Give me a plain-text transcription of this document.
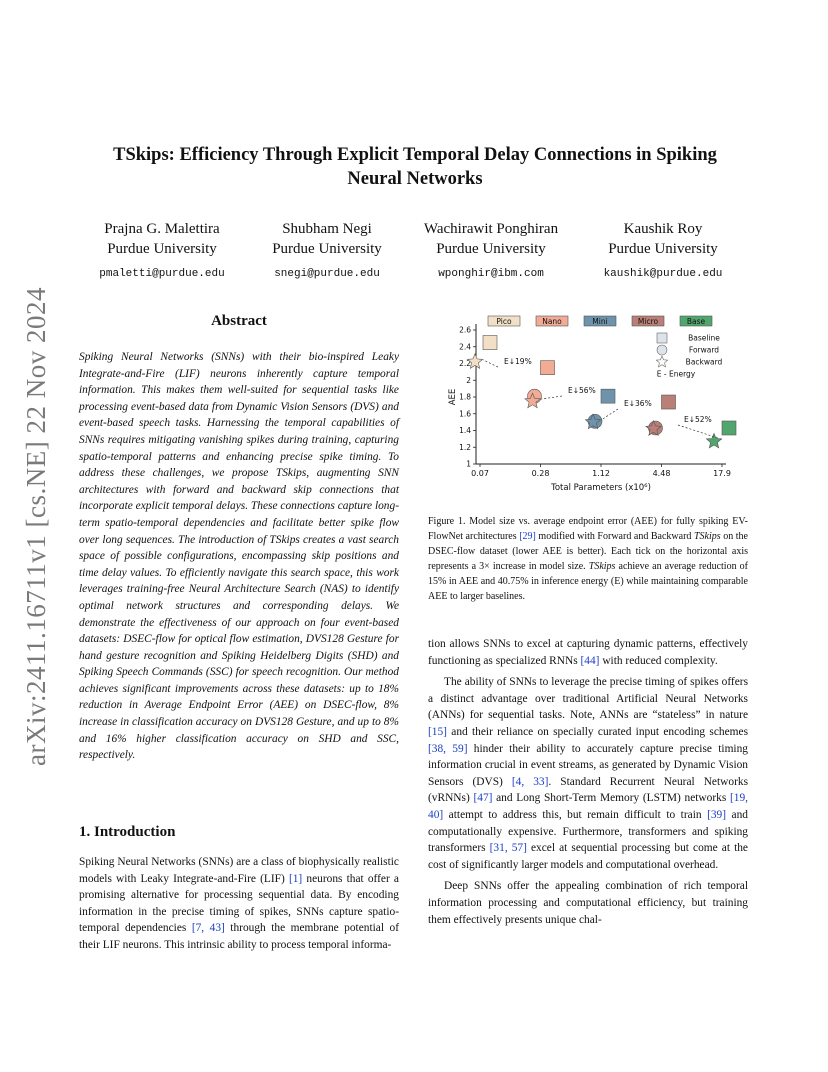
arXiv:2411.16711v1 [cs.NE] 22 Nov 2024
TSkips: Efficiency Through Explicit Temporal Delay Connections in Spiking
Neural Networks
Prajna G. Malettira
Purdue University
pmaletti@purdue.edu
Shubham Negi
Purdue University
snegi@purdue.edu
Wachirawit Ponghiran
Purdue University
wponghir@ibm.com
Kaushik Roy
Purdue University
kaushik@purdue.edu
Abstract
Spiking Neural Networks (SNNs) with their bio-inspired Leaky Integrate-and-Fire (LIF) neurons inherently capture temporal information. This makes them well-suited for sequential tasks like processing event-based data from Dynamic Vision Sensors (DVS) and event-based speech tasks. Harnessing the temporal capabilities of SNNs requires mitigating vanishing spikes during training, capturing spatio-temporal patterns and enhancing precise spike timing. To address these challenges, we propose TSkips, augmenting SNN architectures with forward and backward skip connections that incorporate explicit temporal delays. These connections capture long-term spatio-temporal dependencies and facilitate better spike flow over long sequences. The introduction of TSkips creates a vast search space of possible configurations, encompassing skip positions and time delay values. To efficiently navigate this search space, this work leverages training-free Neural Architecture Search (NAS) to identify optimal network structures and corresponding delays. We demonstrate the effectiveness of our approach on four event-based datasets: DSEC-flow for optical flow estimation, DVS128 Gesture for hand gesture recognition and Spiking Heidelberg Digits (SHD) and Spiking Speech Commands (SSC) for speech recognition. Our method achieves significant improvements across these datasets: up to 18% reduction in Average Endpoint Error (AEE) on DSEC-flow, 8% increase in classification accuracy on DVS128 Gesture, and up to 8% and 16% higher classification accuracy on SHD and SSC, respectively.
1. Introduction

Spiking Neural Networks (SNNs) are a class of biophysically realistic models with Leaky Integrate-and-Fire (LIF) [1] neurons that offer a promising alternative for processing sequential data. By encoding information in the precise timing of spikes, SNNs capture spatio-temporal dependencies [7, 43] through the membrane potential of their LIF neurons. This intrinsic ability to process temporal informa-

1
1.2
1.4
1.6
1.8
2
2.2
2.4
2.6
0.07	0.28	1.12	4.48	17.9
Total Parameters (x10⁶)
AEE
Pico	Nano	Mini	Micro	Base
Baseline
Forward
Backward
E - Energy
E↓19%
E↓56%
E↓36%
E↓52%
Figure 1. Model size vs. average endpoint error (AEE) for fully spiking EV-FlowNet architectures [29] modified with Forward and Backward TSkips on the DSEC-flow dataset (lower AEE is better). Each tick on the horizontal axis represents a 3× increase in model size. TSkips achieve an average reduction of 15% in AEE and 40.75% in inference energy (E) while maintaining comparable AEE to larger baselines.

tion allows SNNs to excel at capturing dynamic patterns, effectively functioning as specialized RNNs [44] with reduced complexity.

The ability of SNNs to leverage the precise timing of spikes offers a distinct advantage over traditional Artificial Neural Networks (ANNs) for sequential tasks. Note, ANNs are “stateless” in nature [15] and their reliance on specially curated input encoding schemes [38, 59] hinder their ability to accurately capture precise timing information crucial in event streams, as generated by Dynamic Vision Sensors (DVS) [4, 33]. Standard Recurrent Neural Networks (vRNNs) [47] and Long Short-Term Memory (LSTM) networks [19, 40] attempt to address this, but remain difficult to train [39] and computationally expensive. Furthermore, transformers and spiking transformers [31, 57] excel at sequential processing but come at the cost of significantly larger models and computational overhead.

Deep SNNs offer the appealing combination of rich temporal information processing and computational efficiency, but training them effectively presents unique chal-
